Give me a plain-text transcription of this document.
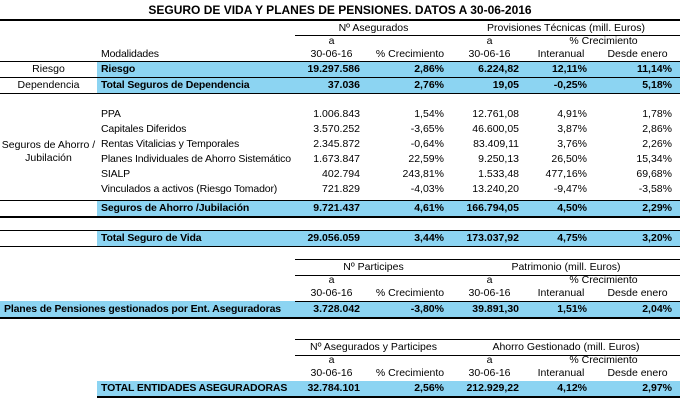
SEGURO DE VIDA Y PLANES DE PENSIONES. DATOS A 30-06-2016
Nº Asegurados	Provisiones Técnicas (mill. Euros)
a	a	% Crecimiento
Modalidades	30-06-16	% Crecimiento	30-06-16	Interanual	Desde enero
Riesgo	Riesgo	19.297.586	2,86%	6.224,82	12,11%	11,14%
Dependencia	Total Seguros de Dependencia	37.036	2,76%	19,05	-0,25%	5,18%
Seguros de Ahorro /
Jubilación
PPA	1.006.843	1,54%	12.761,08	4,91%	1,78%
Capitales Diferidos	3.570.252	-3,65%	46.600,05	3,87%	2,86%
Rentas Vitalicias y Temporales	2.345.872	-0,64%	83.409,11	3,76%	2,26%
Planes Individuales de Ahorro Sistemático	1.673.847	22,59%	9.250,13	26,50%	15,34%
SIALP	402.794	243,81%	1.533,48	477,16%	69,68%
Vinculados a activos (Riesgo Tomador)	721.829	-4,03%	13.240,20	-9,47%	-3,58%
Seguros de Ahorro /Jubilación	9.721.437	4,61%	166.794,05	4,50%	2,29%
Total Seguro de Vida	29.056.059	3,44%	173.037,92	4,75%	3,20%
Nº Participes	Patrimonio (mill. Euros)
a	a	% Crecimiento
30-06-16	% Crecimiento	30-06-16	Interanual	Desde enero
Planes de Pensiones gestionados por Ent. Aseguradoras	3.728.042	-3,80%	39.891,30	1,51%	2,04%
Nº Asegurados y Participes	Ahorro Gestionado (mill. Euros)
a	a	% Crecimiento
30-06-16	% Crecimiento	30-06-16	Interanual	Desde enero
TOTAL ENTIDADES ASEGURADORAS	32.784.101	2,56%	212.929,22	4,12%	2,97%
